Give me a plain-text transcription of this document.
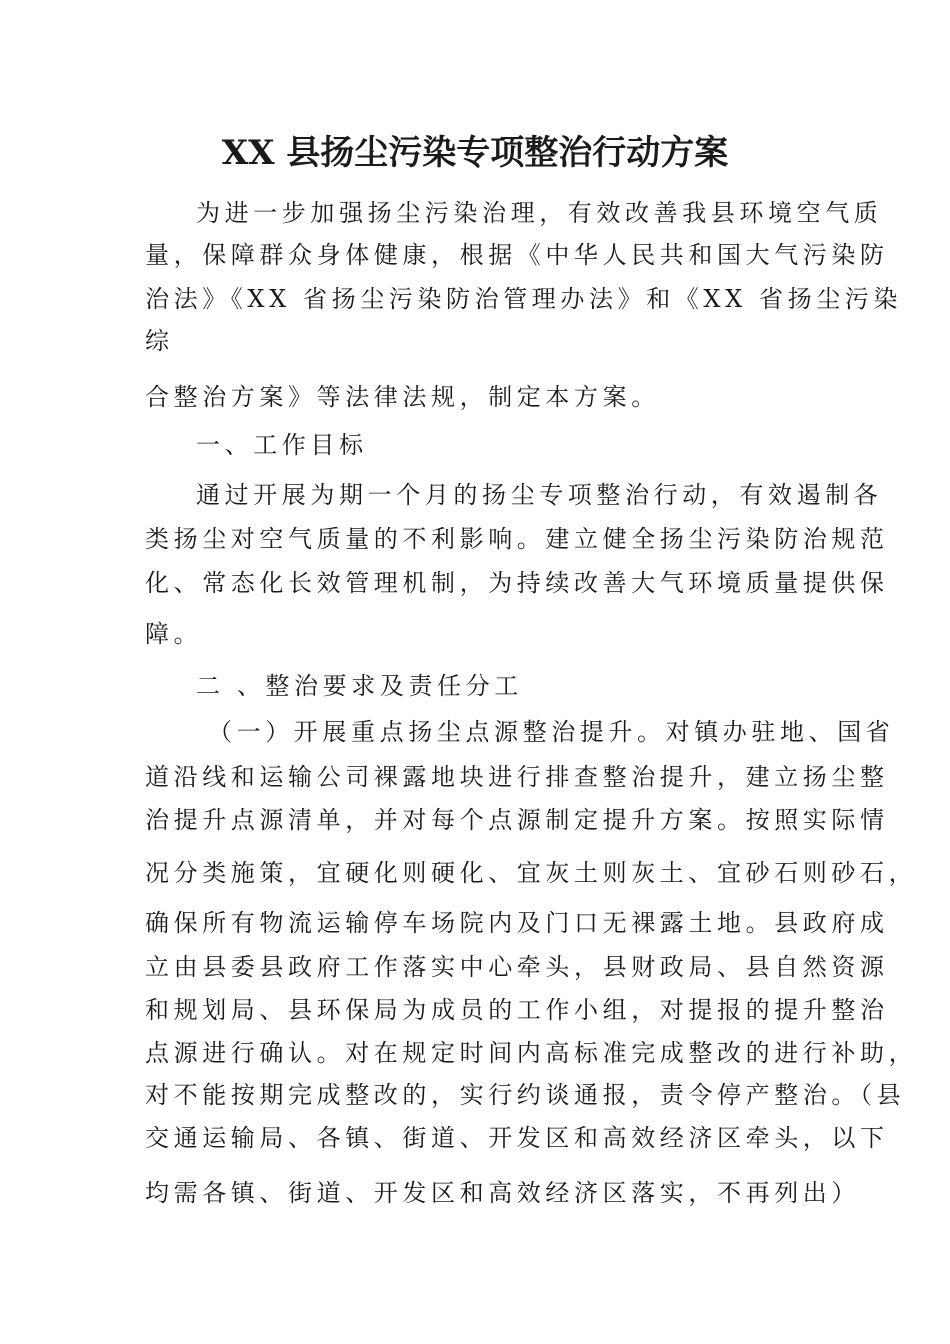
XX 县扬尘污染专项整治行动方案

为进一步加强扬尘污染治理，有效改善我县环境空气质

量，保障群众身体健康，根据《中华人民共和国大气污染防

治法》《XX 省扬尘污染防治管理办法》和《XX 省扬尘污染

综

合整治方案》等法律法规，制定本方案。

一、工作目标

通过开展为期一个月的扬尘专项整治行动，有效遏制各

类扬尘对空气质量的不利影响。建立健全扬尘污染防治规范

化、常态化长效管理机制，为持续改善大气环境质量提供保

障。

二 、整治要求及责任分工

（一）开展重点扬尘点源整治提升。对镇办驻地、国省

道沿线和运输公司裸露地块进行排查整治提升，建立扬尘整

治提升点源清单，并对每个点源制定提升方案。按照实际情

况分类施策，宜硬化则硬化、宜灰土则灰土、宜砂石则砂石，

确保所有物流运输停车场院内及门口无裸露土地。县政府成

立由县委县政府工作落实中心牵头，县财政局、县自然资源

和规划局、县环保局为成员的工作小组，对提报的提升整治

点源进行确认。对在规定时间内高标准完成整改的进行补助，

对不能按期完成整改的，实行约谈通报，责令停产整治。（县

交通运输局、各镇、街道、开发区和高效经济区牵头，以下

均需各镇、街道、开发区和高效经济区落实，不再列出）
